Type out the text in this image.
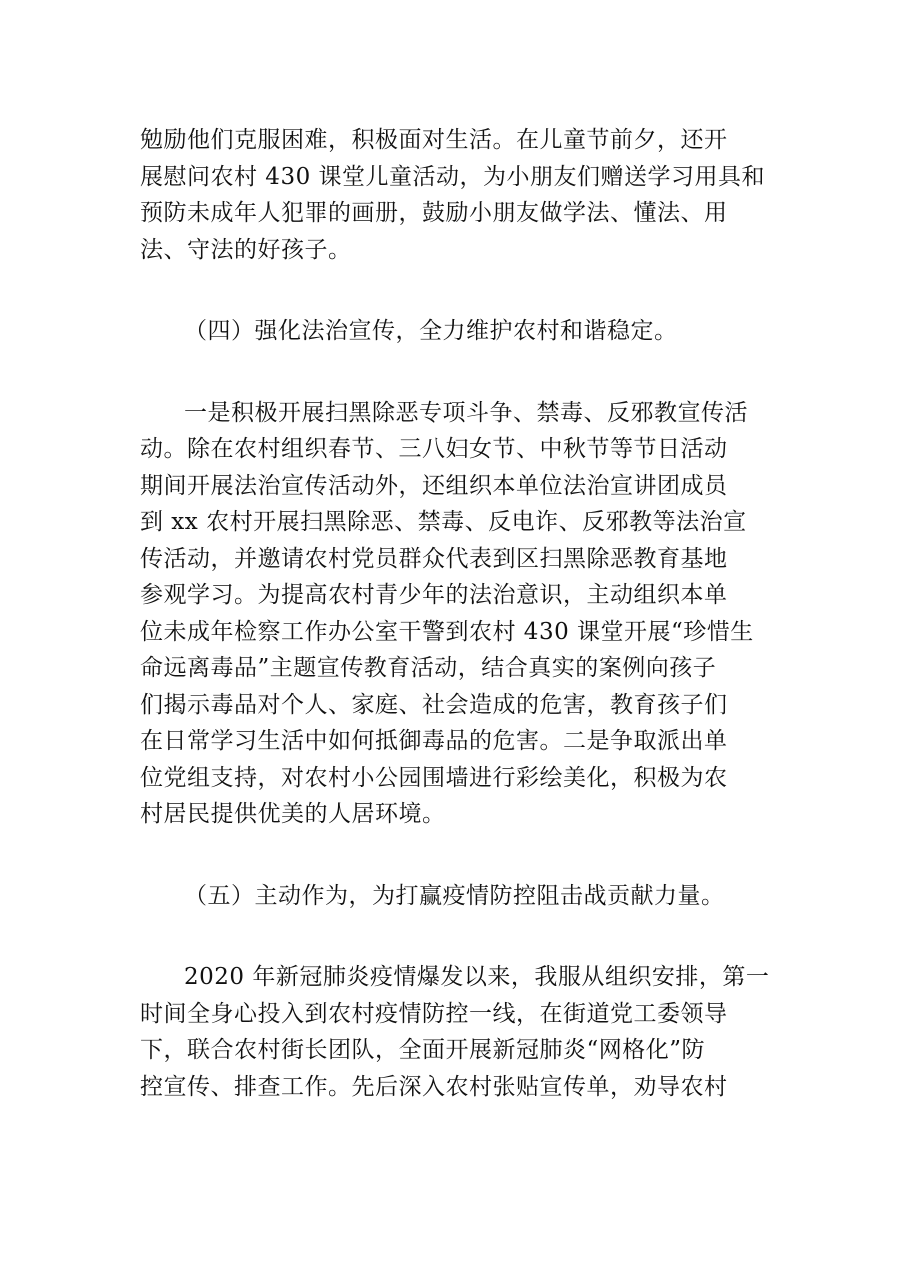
勉励他们克服困难，积极面对生活。在儿童节前夕，还开
展慰问农村 430 课堂儿童活动，为小朋友们赠送学习用具和
预防未成年人犯罪的画册，鼓励小朋友做学法、懂法、用
法、守法的好孩子。
（四）强化法治宣传，全力维护农村和谐稳定。
一是积极开展扫黑除恶专项斗争、禁毒、反邪教宣传活
动。除在农村组织春节、三八妇女节、中秋节等节日活动
期间开展法治宣传活动外，还组织本单位法治宣讲团成员
到 xx 农村开展扫黑除恶、禁毒、反电诈、反邪教等法治宣
传活动，并邀请农村党员群众代表到区扫黑除恶教育基地
参观学习。为提高农村青少年的法治意识，主动组织本单
位未成年检察工作办公室干警到农村 430 课堂开展“珍惜生
命远离毒品”主题宣传教育活动，结合真实的案例向孩子
们揭示毒品对个人、家庭、社会造成的危害，教育孩子们
在日常学习生活中如何抵御毒品的危害。二是争取派出单
位党组支持，对农村小公园围墙进行彩绘美化，积极为农
村居民提供优美的人居环境。
（五）主动作为，为打赢疫情防控阻击战贡献力量。
2020 年新冠肺炎疫情爆发以来，我服从组织安排，第一
时间全身心投入到农村疫情防控一线，在街道党工委领导
下，联合农村街长团队，全面开展新冠肺炎“网格化”防
控宣传、排查工作。先后深入农村张贴宣传单，劝导农村
